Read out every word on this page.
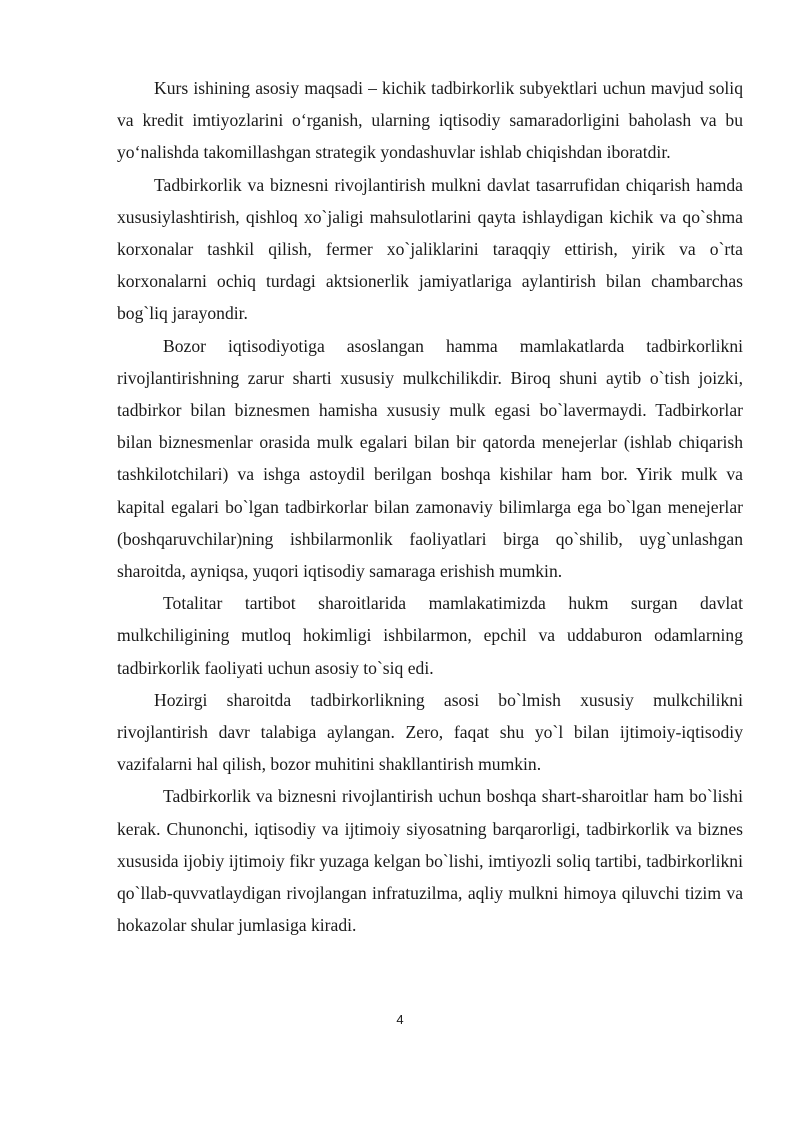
Kurs ishining asosiy maqsadi – kichik tadbirkorlik subyektlari uchun mavjud soliq va kredit imtiyozlarini o‘rganish, ularning iqtisodiy samaradorligini baholash va bu yo‘nalishda takomillashgan strategik yondashuvlar ishlab chiqishdan iboratdir.

Tadbirkorlik va biznesni rivojlantirish mulkni davlat tasarrufidan chiqarish hamda xususiylashtirish, qishloq xo`jaligi mahsulotlarini qayta ishlaydigan kichik va qo`shma korxonalar tashkil qilish, fermer xo`jaliklarini taraqqiy ettirish, yirik va o`rta korxonalarni ochiq turdagi aktsionerlik jamiyatlariga aylantirish bilan chambarchas bog`liq jarayondir.

Bozor iqtisodiyotiga asoslangan hamma mamlakatlarda tadbirkorlikni rivojlantirishning zarur sharti xususiy mulkchilikdir. Biroq shuni aytib o`tish joizki, tadbirkor bilan biznesmen hamisha xususiy mulk egasi bo`lavermaydi. Tadbirkorlar bilan biznesmenlar orasida mulk egalari bilan bir qatorda menejerlar (ishlab chiqarish tashkilotchilari) va ishga astoydil berilgan boshqa kishilar ham bor. Yirik mulk va kapital egalari bo`lgan tadbirkorlar bilan zamonaviy bilimlarga ega bo`lgan menejerlar (boshqaruvchilar)ning ishbilarmonlik faoliyatlari birga qo`shilib, uyg`unlashgan sharoitda, ayniqsa, yuqori iqtisodiy samaraga erishish mumkin.

Totalitar tartibot sharoitlarida mamlakatimizda hukm surgan davlat mulkchiligining mutloq hokimligi ishbilarmon, epchil va uddaburon odamlarning tadbirkorlik faoliyati uchun asosiy to`siq edi.

Hozirgi sharoitda tadbirkorlikning asosi bo`lmish xususiy mulkchilikni rivojlantirish davr talabiga aylangan. Zero, faqat shu yo`l bilan ijtimoiy-iqtisodiy vazifalarni hal qilish, bozor muhitini shakllantirish mumkin.

Tadbirkorlik va biznesni rivojlantirish uchun boshqa shart-sharoitlar ham bo`lishi kerak. Chunonchi, iqtisodiy va ijtimoiy siyosatning barqarorligi, tadbirkorlik va biznes xususida ijobiy ijtimoiy fikr yuzaga kelgan bo`lishi, imtiyozli soliq tartibi, tadbirkorlikni qo`llab-quvvatlaydigan rivojlangan infratuzilma, aqliy mulkni himoya qiluvchi tizim va hokazolar shular jumlasiga kiradi.

4
